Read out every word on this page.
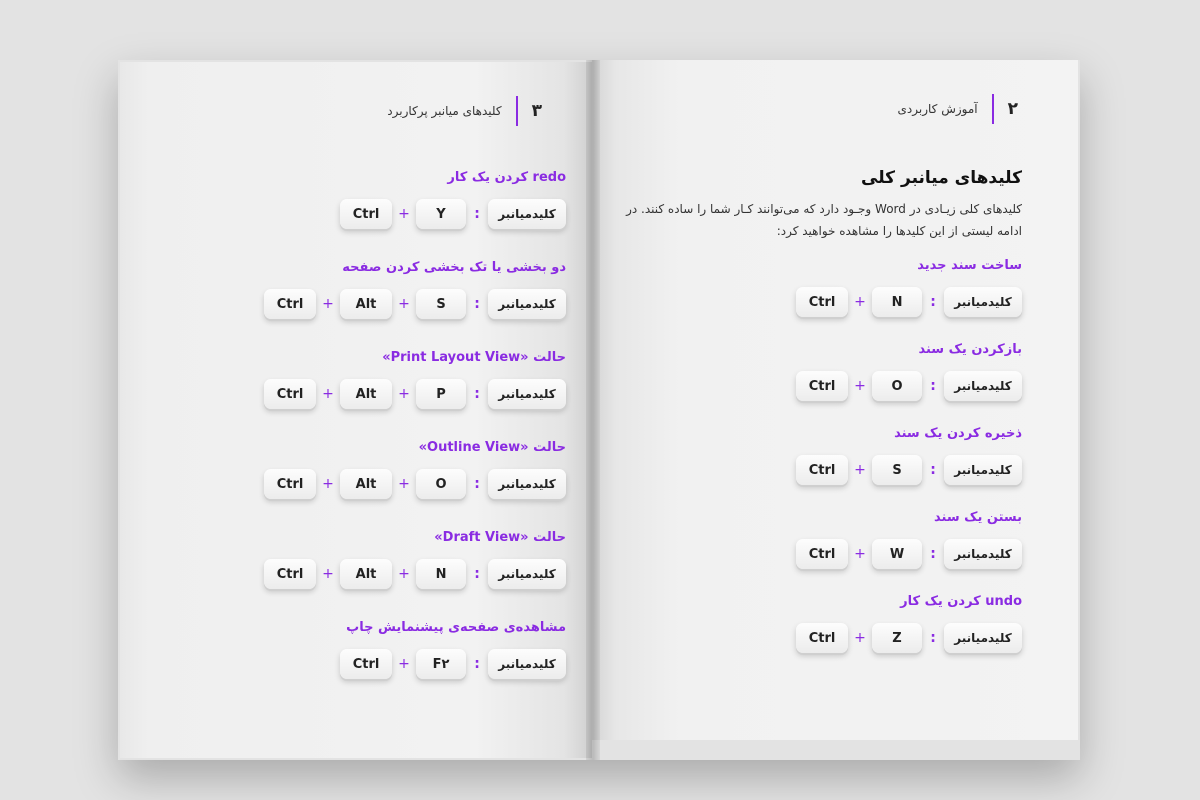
کلیدهای میانبر پرکاربرد ۳
redo کردن یک کار
کلیدمیانبر
:
Y
+
Ctrl
دو بخشی یا تک بخشی کردن صفحه
کلیدمیانبر
:
S
+
Alt
+
Ctrl
حالت «Print Layout View»
کلیدمیانبر
:
P
+
Alt
+
Ctrl
حالت «Outline View»
کلیدمیانبر
:
O
+
Alt
+
Ctrl
حالت «Draft View»
کلیدمیانبر
:
N
+
Alt
+
Ctrl
مشاهده‌ی صفحه‌ی پیشنمایش چاپ
کلیدمیانبر
:
F۲
+
Ctrl
۲
آموزش کاربردی
کلیدهای میانبر کلی
کلیدهای کلی زیـادی در Word وجـود دارد که می‌توانند کـار شما را ساده کنند. در ادامه لیستی از این کلیدها را مشاهده خواهید کرد:
ساخت سند جدید
کلیدمیانبر
:
N
+
Ctrl
بازکردن یک سند
کلیدمیانبر
:
O
+
Ctrl
ذخیره کردن یک سند
کلیدمیانبر
:
S
+
Ctrl
بستن یک سند
کلیدمیانبر
:
W
+
Ctrl
undo کردن یک کار
کلیدمیانبر
:
Z
+
Ctrl
